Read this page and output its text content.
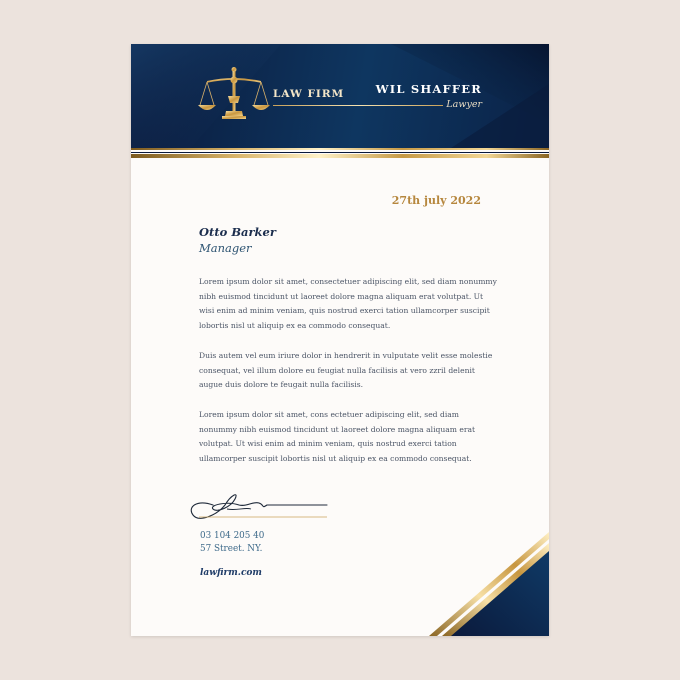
LAW FIRM	WIL SHAFFER
Lawyer
27th july 2022
Otto Barker
Manager

Lorem ipsum dolor sit amet, consectetuer adipiscing elit, sed diam nonummy nibh euismod tincidunt ut laoreet dolore magna aliquam erat volutpat. Ut wisi enim ad minim veniam, quis nostrud exerci tation ullamcorper suscipit lobortis nisl ut aliquip ex ea commodo consequat.

Duis autem vel eum iriure dolor in hendrerit in vulputate velit esse molestie consequat, vel illum dolore eu feugiat nulla facilisis at vero zzril delenit augue duis dolore te feugait nulla facilisis.

Lorem ipsum dolor sit amet, cons ectetuer adipiscing elit, sed diam nonummy nibh euismod tincidunt ut laoreet dolore magna aliquam erat volutpat. Ut wisi enim ad minim veniam, quis nostrud exerci tation ullamcorper suscipit lobortis nisl ut aliquip ex ea commodo consequat.

03 104 205 40
57 Street. NY.
lawfirm.com
